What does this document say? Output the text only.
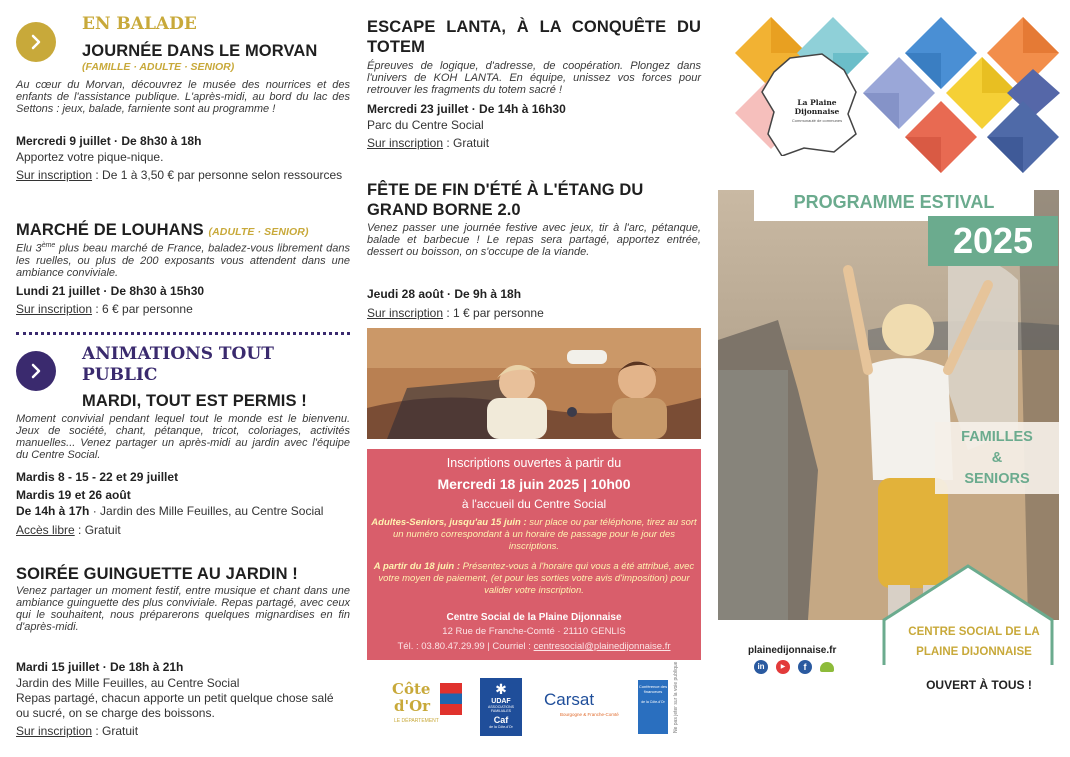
EN BALADE
JOURNÉE DANS LE MORVAN
(FAMILLE · ADULTE · SENIOR)
Au cœur du Morvan, découvrez le musée des nourrices et des enfants de l'assistance publique. L'après-midi, au bord du lac des Settons : jeux, balade, farniente sont au programme !
Mercredi 9 juillet · De 8h30 à 18h
Apportez votre pique-nique.
Sur inscription : De 1 à 3,50 € par personne selon ressources
MARCHÉ DE LOUHANS (ADULTE · SENIOR)
Elu 3ème plus beau marché de France, baladez-vous librement dans les ruelles, ou plus de 200 exposants vous attendent dans une ambiance conviviale.
Lundi 21 juillet · De 8h30 à 15h30
Sur inscription : 6 € par personne
ANIMATIONS TOUT
PUBLIC
MARDI, TOUT EST PERMIS !
Moment convivial pendant lequel tout le monde est le bienvenu. Jeux de société, chant, pétanque, tricot, coloriages, activités manuelles... Venez partager un après-midi au jardin avec l'équipe du Centre Social.
Mardis 8 - 15 - 22 et 29 juillet
Mardis 19 et 26 août
De 14h à 17h · Jardin des Mille Feuilles, au Centre Social
Accès libre : Gratuit
SOIRÉE GUINGUETTE AU JARDIN !
Venez partager un moment festif, entre musique et chant dans une ambiance guinguette des plus conviviale. Repas partagé, avec ceux qui le souhaitent, nous préparerons quelques mignardises en fin d'après-midi.
Mardi 15 juillet · De 18h à 21h
Jardin des Mille Feuilles, au Centre Social
Repas partagé, chacun apporte un petit quelque chose salé ou sucré, on se charge des boissons.
Sur inscription : Gratuit
ESCAPE LANTA, À LA CONQUÊTE DU TOTEM
Épreuves de logique, d'adresse, de coopération. Plongez dans l'univers de KOH LANTA. En équipe, unissez vos forces pour retrouver les fragments du totem sacré !
Mercredi 23 juillet · De 14h à 16h30
Parc du Centre Social
Sur inscription : Gratuit
FÊTE DE FIN D'ÉTÉ À L'ÉTANG DU GRAND BORNE 2.0
Venez passer une journée festive avec jeux, tir à l'arc, pétanque, balade et barbecue ! Le repas sera partagé, apportez entrée, dessert ou boisson, on s'occupe de la viande.
Jeudi 28 août · De 9h à 18h
Sur inscription : 1 € par personne
Inscriptions ouvertes à partir du
Mercredi 18 juin 2025 | 10h00
à l'accueil du Centre Social
Adultes-Seniors, jusqu'au 15 juin : sur place ou par téléphone, tirez au sort un numéro correspondant à un horaire de passage pour le jour des inscriptions.
A partir du 18 juin : Présentez-vous à l'horaire qui vous a été attribué, avec votre moyen de paiement, (et pour les sorties votre avis d'imposition) pour valider votre inscription.
Centre Social de la Plaine Dijonnaise
12 Rue de Franche-Comté · 21110 GENLIS
Tél. : 03.80.47.29.99 | Courriel : centresocial@plainedijonnaise.fr
Côte
d'Or
LE DÉPARTEMENT
✱
UDAF
ASSOCIATIONS FAMILIALES
Caf
de la Côte-d'Or
Carsat
Bourgogne & Franche-Comté
Conférence des financeurs
de la Côte-d'Or	Ne pas jeter sur la voie publique
La Plaine Dijonnaise
Communauté de communes
PROGRAMME ESTIVAL
2025
FAMILLES
&
SENIORS
CENTRE SOCIAL DE LA
PLAINE DIJONNAISE
OUVERT À TOUS !
plainedijonnaise.fr
in	▶	f
